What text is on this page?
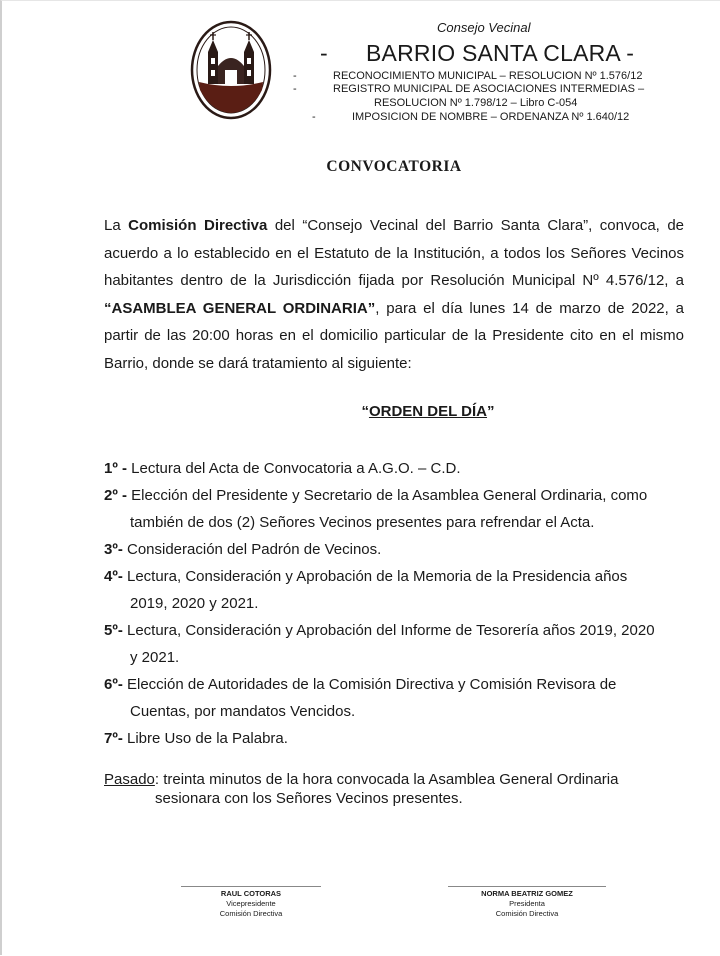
Consejo Vecinal
- BARRIO SANTA CLARA -
-	RECONOCIMIENTO MUNICIPAL – RESOLUCION Nº 1.576/12
-	REGISTRO MUNICIPAL DE ASOCIACIONES INTERMEDIAS –
RESOLUCION Nº 1.798/12 – Libro C-054
-	IMPOSICION DE NOMBRE – ORDENANZA Nº 1.640/12
CONVOCATORIA
La Comisión Directiva del “Consejo Vecinal del Barrio Santa Clara”, convoca, de acuerdo a lo establecido en el Estatuto de la Institución, a todos los Señores Vecinos habitantes dentro de la Jurisdicción fijada por Resolución Municipal Nº 4.576/12, a “ASAMBLEA GENERAL ORDINARIA”, para el día lunes 14 de marzo de 2022, a partir de las 20:00 horas en el domicilio particular de la Presidente cito en el mismo Barrio, donde se dará tratamiento al siguiente:
“ORDEN DEL DÍA”
1º - Lectura del Acta de Convocatoria a A.G.O. – C.D.
2º - Elección del Presidente y Secretario de la Asamblea General Ordinaria, como
también de dos (2) Señores Vecinos presentes para refrendar el Acta.
3º- Consideración del Padrón de Vecinos.
4º- Lectura, Consideración y Aprobación de la Memoria de la Presidencia años
2019, 2020 y 2021.
5º- Lectura, Consideración y Aprobación del Informe de Tesorería años 2019, 2020
y 2021.
6º- Elección de Autoridades de la Comisión Directiva y Comisión Revisora de
Cuentas, por mandatos Vencidos.
7º- Libre Uso de la Palabra.
Pasado: treinta minutos de la hora convocada la Asamblea General Ordinaria
sesionara con los Señores Vecinos presentes.
RAUL COTORAS
Vicepresidente
Comisión Directiva
NORMA BEATRIZ GOMEZ
Presidenta
Comisión Directiva
